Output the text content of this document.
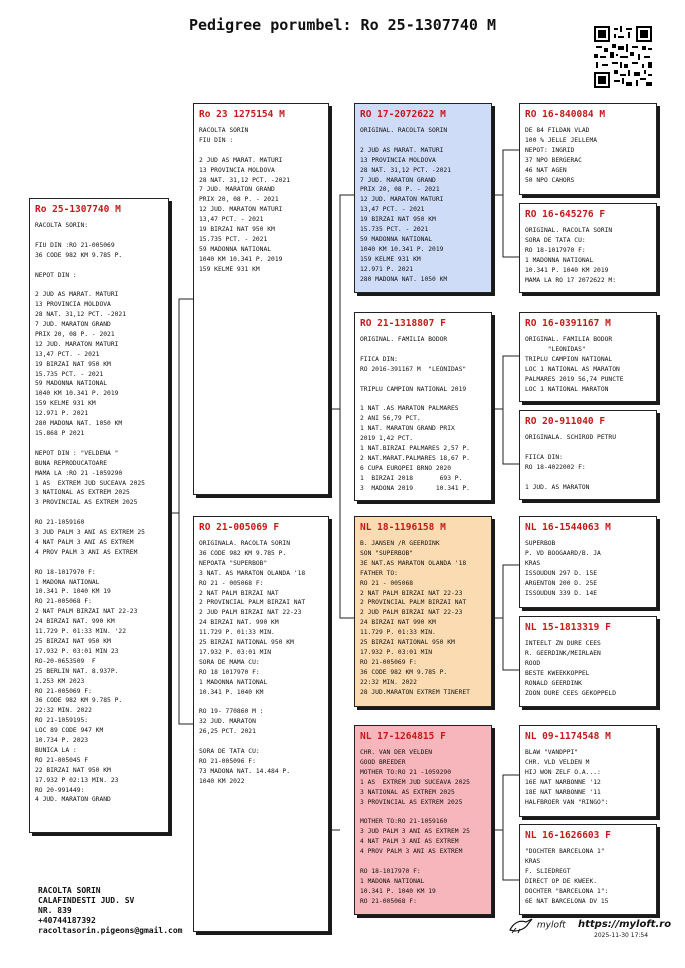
Pedigree porumbel: Ro 25-1307740 M
Ro 25-1307740 M
RACOLTA SORIN:
FIU DIN :RO 21-005069
36 CODE 982 KM 9.785 P.
NEPOT DIN :
2 JUD AS MARAT. MATURI
13 PROVINCIA MOLDOVA
28 NAT. 31,12 PCT. -2021
7 JUD. MARATON GRAND
PRIX 20, 08 P. - 2021
12 JUD. MARATON MATURI
13,47 PCT. - 2021
19 BIRZAI NAT 950 KM
15.735 PCT. - 2021
59 MADONNA NATIONAL
1040 KM 10.341 P. 2019
159 KELME 931 KM
12.971 P. 2021
280 MADONA NAT. 1050 KM
15.868 P 2021
NEPOT DIN : "VELDENA "
BUNA REPRODUCATOARE
MAMA LA :RO 21 -1059290
1 AS  EXTREM JUD SUCEAVA 2025
3 NATIONAL AS EXTREM 2025
3 PROVINCIAL AS EXTREM 2025
RO 21-1059160
3 JUD PALM 3 ANI AS EXTREM 25
4 NAT PALM 3 ANI AS EXTREM
4 PROV PALM 3 ANI AS EXTREM
RO 18-1017970 F:
1 MADONA NATIONAL
10.341 P. 1040 KM 19
RO 21-005068 F:
2 NAT PALM BIRZAI NAT 22-23
24 BIRZAI NAT. 990 KM
11.729 P. 01:33 MIN. '22
25 BIRZAI NAT 950 KM
17.932 P. 03:01 MIN 23
RO-20-0653509  F
25 BERLIN NAT. 8.937P.
1.253 KM 2023
RO 21-005069 F:
36 CODE 982 KM 9.785 P.
22:32 MIN. 2022
RO 21-1059195:
LOC 89 CODE 947 KM
10.734 P. 2023
BUNICA LA :
RO 21-005045 F
22 BIRZAI NAT 950 KM
17.932 P 02:13 MIN. 23
RO 20-991449:
4 JUD. MARATON GRAND
Ro 23 1275154 M
RACOLTA SORIN
FIU DIN :
2 JUD AS MARAT. MATURI
13 PROVINCIA MOLDOVA
28 NAT. 31,12 PCT. -2021
7 JUD. MARATON GRAND
PRIX 20, 08 P. - 2021
12 JUD. MARATON MATURI
13,47 PCT. - 2021
19 BIRZAI NAT 950 KM
15.735 PCT. - 2021
59 MADONNA NATIONAL
1040 KM 10.341 P. 2019
159 KELME 931 KM
RO 21-005069 F
ORIGINALA. RACOLTA SORIN
36 CODE 982 KM 9.785 P.
NEPOATA "SUPERBOB"
3 NAT. AS MARATON OLANDA '18
RO 21 - 005068 F:
2 NAT PALM BIRZAI NAT
2 PROVINCIAL PALM BIRZAI NAT
2 JUD PALM BIRZAI NAT 22-23
24 BIRZAI NAT. 990 KM
11.729 P. 01:33 MIN.
25 BIRZAI NATIONAL 950 KM
17.932 P. 03:01 MIN
SORA DE MAMA CU:
RO 18 1017970 F:
1 MADONNA NATIONAL
10.341 P. 1040 KM
RO 19- 770860 M :
32 JUD. MARATON
26,25 PCT. 2021
SORA DE TATA CU:
RO 21-005096 F:
73 MADONA NAT. 14.484 P.
1040 KM 2022
RO 17-2072622 M
ORIGINAL. RACOLTA SORIN
2 JUD AS MARAT. MATURI
13 PROVINCIA MOLDOVA
28 NAT. 31,12 PCT. -2021
7 JUD. MARATON GRAND
PRIX 20, 08 P. - 2021
12 JUD. MARATON MATURI
13,47 PCT. - 2021
19 BIRZAI NAT 950 KM
15.735 PCT. - 2021
59 MADONNA NATIONAL
1040 KM 10.341 P. 2019
159 KELME 931 KM
12.971 P. 2021
280 MADONA NAT. 1050 KM
RO 21-1318807 F
ORIGINAL. FAMILIA BODOR
FIICA DIN:
RO 2016-391167 M  "LEONIDAS"
TRIPLU CAMPION NATIONAL 2019
1 NAT .AS MARATON PALMARES
2 ANI 56,79 PCT.
1 NAT. MARATON GRAND PRIX
2019 1,42 PCT.
1 NAT.BIRZAI PALMARES 2,57 P.
2 NAT.MARAT.PALMARES 18,67 P.
6 CUPA EUROPEI BRNO 2020
1  BIRZAI 2018       693 P.
3  MADONA 2019      10.341 P.
NL 18-1196158 M
B. JANSEN /R GEERDINK
SON "SUPERBOB"
3E NAT.AS MARATON OLANDA '18
FATHER TO:
RO 21 - 005068
2 NAT PALM BIRZAI NAT 22-23
2 PROVINCIAL PALM BIRZAI NAT
2 JUD PALM BIRZAI NAT 22-23
24 BIRZAI NAT 990 KM
11.729 P. 01:33 MIN.
25 BIRZAI NATIONAL 950 KM
17.932 P. 03:01 MIN
RO 21-005069 F:
36 CODE 982 KM 9.785 P.
22:32 MIN. 2022
28 JUD.MARATON EXTREM TINERET
NL 17-1264815 F
CHR. VAN DER VELDEN
GOOD BREEDER
MOTHER TO:RO 21 -1059290
1 AS  EXTREM JUD SUCEAVA 2025
3 NATIONAL AS EXTREM 2025
3 PROVINCIAL AS EXTREM 2025
MOTHER TO:RO 21-1059160
3 JUD PALM 3 ANI AS EXTREM 25
4 NAT PALM 3 ANI AS EXTREM
4 PROV PALM 3 ANI AS EXTREM
RO 18-1017970 F:
1 MADONA NATIONAL
10.341 P. 1040 KM 19
RO 21-005068 F:
RO 16-840084 M
DE 84 FILDAN VLAD
100 % JELLE JELLEMA
NEPOT: INGRID
37 NPO BERGERAC
46 NAT AGEN
50 NPO CAHORS
RO 16-645276 F
ORIGINAL. RACOLTA SORIN
SORA DE TATA CU:
RO 18-1017970 F:
1 MADONNA NATIONAL
10.341 P. 1040 KM 2019
MAMA LA RO 17 2072622 M:
RO 16-0391167 M
ORIGINAL. FAMILIA BODOR
"LEONIDAS"
TRIPLU CAMPION NATIONAL
LOC 1 NATIONAL AS MARATON
PALMARES 2019 56,74 PUNCTE
LOC 1 NATIONAL MARATON
RO 20-911040 F
ORIGINALA. SCHIROD PETRU
FIICA DIN:
RO 18-4022002 F:
1 JUD. AS MARATON
NL 16-1544063 M
SUPERBOB
P. VD BOOGAARD/B. JA
KRAS
ISSOUDUN 297 D. 15E
ARGENTON 200 D. 25E
ISSOUDUN 339 D. 14E
NL 15-1813319 F
INTEELT ZN DURE CEES
R. GEERDINK/MEIRLAEN
ROOD
BESTE KWEEKKOPPEL
RONALD GEERDINK
ZOON DURE CEES GEKOPPELD
NL 09-1174548 M
BLAW "VANDPPI"
CHR. VLD VELDEN M
HIJ WON ZELF O.A...:
16E NAT NARBONNE '12
18E NAT NARBONNE '11
HALFBROER VAN "RINGO":
NL 16-1626603 F
"DOCHTER BARCELONA 1"
KRAS
F. SLIEDREGT
DIRECT OP DE KWEEK.
DOCHTER "BARCELONA 1":
6E NAT BARCELONA DV 15
RACOLTA SORIN
CALAFINDESTI JUD. SV
NR. 839
+40744187392
racoltasorin.pigeons@gmail.com	myloft https://myloft.ro
2025-11-30 17:54
